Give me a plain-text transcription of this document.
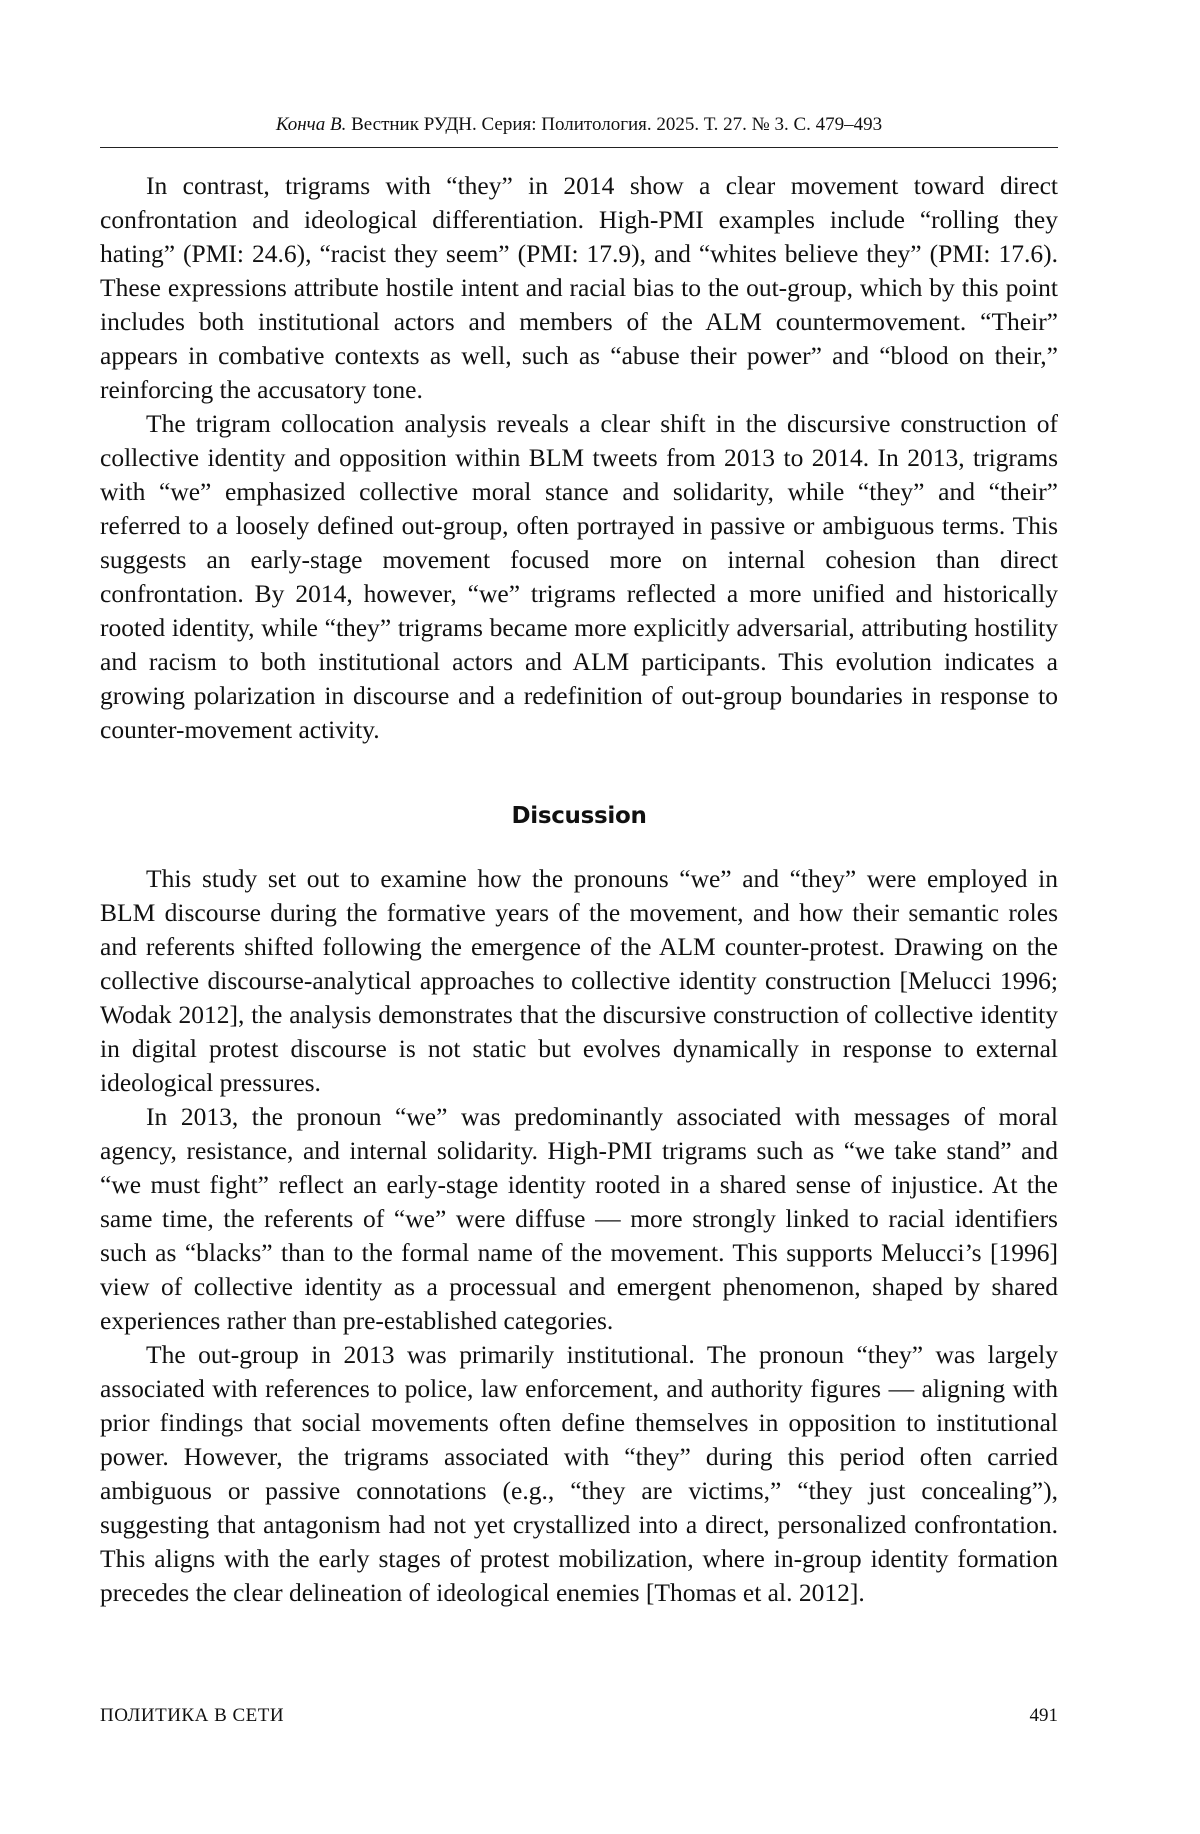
Конча В. Вестник РУДН. Серия: Политология. 2025. Т. 27. № 3. С. 479–493

In contrast, trigrams with “they” in 2014 show a clear movement toward direct confrontation and ideological differentiation. High-PMI examples include “rolling they hating” (PMI: 24.6), “racist they seem” (PMI: 17.9), and “whites believe they” (PMI: 17.6). These expressions attribute hostile intent and racial bias to the out-group, which by this point includes both institutional actors and members of the ALM countermovement. “Their” appears in combative contexts as well, such as “abuse their power” and “blood on their,” reinforcing the accusatory tone.

The trigram collocation analysis reveals a clear shift in the discursive construction of collective identity and opposition within BLM tweets from 2013 to 2014. In 2013, trigrams with “we” emphasized collective moral stance and solidarity, while “they” and “their” referred to a loosely defined out-group, often portrayed in passive or ambiguous terms. This suggests an early-stage movement focused more on internal cohesion than direct confrontation. By 2014, however, “we” trigrams reflected a more unified and historically rooted identity, while “they” trigrams became more explicitly adversarial, attributing hostility and racism to both institutional actors and ALM participants. This evolution indicates a growing polarization in discourse and a redefinition of out-group boundaries in response to counter-movement activity.

Discussion

This study set out to examine how the pronouns “we” and “they” were employed in BLM discourse during the formative years of the movement, and how their semantic roles and referents shifted following the emergence of the ALM counter-protest. Drawing on the collective discourse-analytical approaches to collective identity construction [Melucci 1996; Wodak 2012], the analysis demonstrates that the discursive construction of collective identity in digital protest discourse is not static but evolves dynamically in response to external ideological pressures.

In 2013, the pronoun “we” was predominantly associated with messages of moral agency, resistance, and internal solidarity. High-PMI trigrams such as “we take stand” and “we must fight” reflect an early-stage identity rooted in a shared sense of injustice. At the same time, the referents of “we” were diffuse — more strongly linked to racial identifiers such as “blacks” than to the formal name of the movement. This supports Melucci’s [1996] view of collective identity as a processual and emergent phenomenon, shaped by shared experiences rather than pre-established categories.

The out-group in 2013 was primarily institutional. The pronoun “they” was largely associated with references to police, law enforcement, and authority figures — aligning with prior findings that social movements often define themselves in opposition to institutional power. However, the trigrams associated with “they” during this period often carried ambiguous or passive connotations (e.g., “they are victims,” “they just concealing”), suggesting that antagonism had not yet crystallized into a direct, personalized confrontation. This aligns with the early stages of protest mobilization, where in-group identity formation precedes the clear delineation of ideological enemies [Thomas et al. 2012].

ПОЛИТИКА В СЕТИ	491
